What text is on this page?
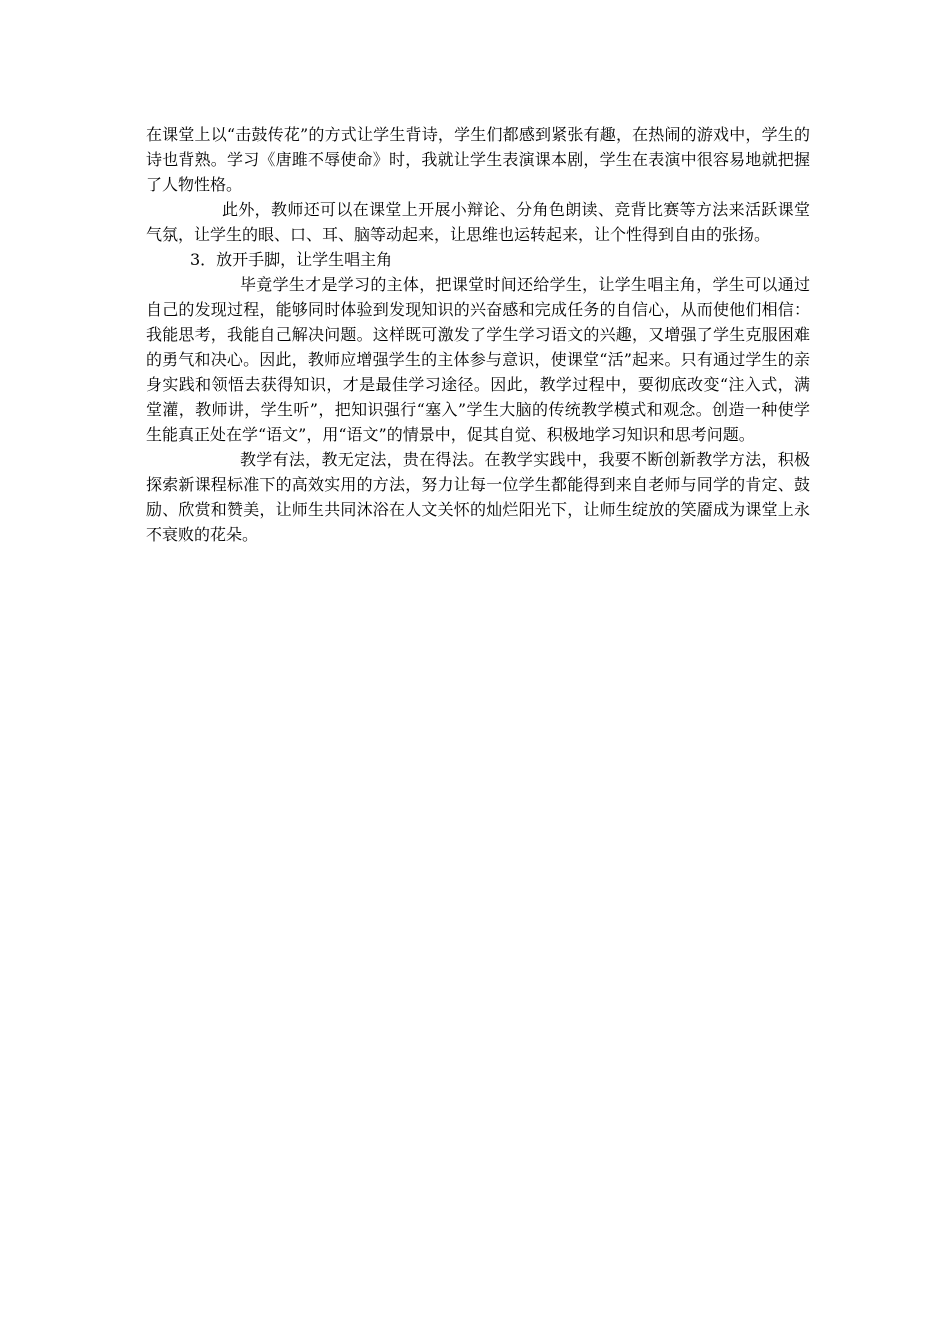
在课堂上以“击鼓传花”的方式让学生背诗，学生们都感到紧张有趣，在热闹的游戏中，学生的诗也背熟。学习《唐雎不辱使命》时，我就让学生表演课本剧，学生在表演中很容易地就把握了人物性格。

此外，教师还可以在课堂上开展小辩论、分角色朗读、竞背比赛等方法来活跃课堂气氛，让学生的眼、口、耳、脑等动起来，让思维也运转起来，让个性得到自由的张扬。

3．放开手脚，让学生唱主角

毕竟学生才是学习的主体，把课堂时间还给学生，让学生唱主角，学生可以通过自己的发现过程，能够同时体验到发现知识的兴奋感和完成任务的自信心，从而使他们相信：我能思考，我能自己解决问题。这样既可激发了学生学习语文的兴趣，又增强了学生克服困难的勇气和决心。因此，教师应增强学生的主体参与意识，使课堂“活”起来。只有通过学生的亲身实践和领悟去获得知识，才是最佳学习途径。因此，教学过程中，要彻底改变“注入式，满堂灌，教师讲，学生听”，把知识强行“塞入”学生大脑的传统教学模式和观念。创造一种使学生能真正处在学“语文”，用“语文”的情景中，促其自觉、积极地学习知识和思考问题。

教学有法，教无定法，贵在得法。在教学实践中，我要不断创新教学方法，积极探索新课程标准下的高效实用的方法，努力让每一位学生都能得到来自老师与同学的肯定、鼓励、欣赏和赞美，让师生共同沐浴在人文关怀的灿烂阳光下，让师生绽放的笑靥成为课堂上永不衰败的花朵。
